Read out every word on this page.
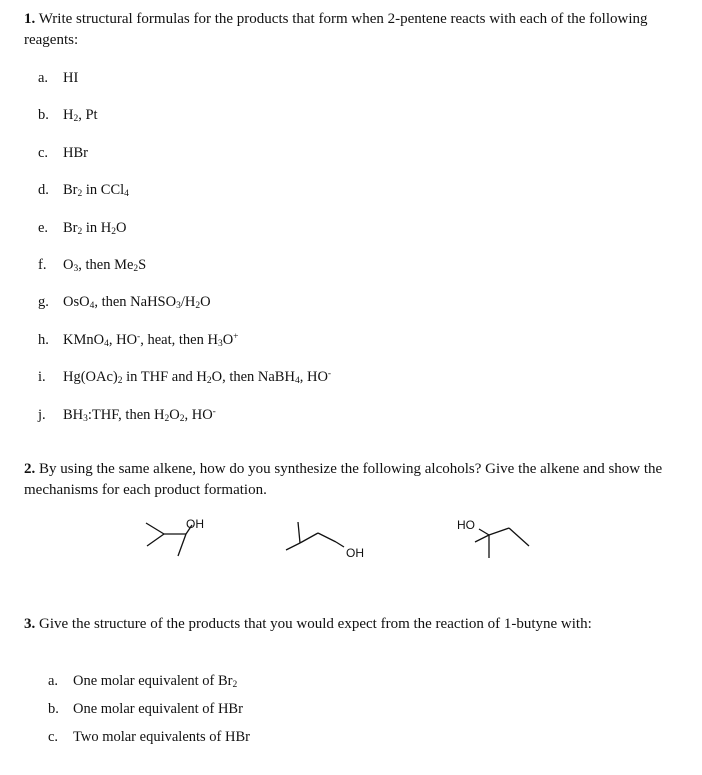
1. Write structural formulas for the products that form when 2-pentene reacts with each of the following reagents:
a. HI
b. $H_2$, Pt
c. HBr
d. $Br_2$ in CCl$_4$
e. $Br_2$ in $H_2O$
f. $O_3$, then $Me_2S$
g. OsO$_4$, then $NaHSO_3/H_2O$
h. KMnO$_4$, HO-, heat, then $H_3O^+$
i. $Hg(OAc)_2$ in THF and $H_2O$, then NaBH$_4$, HO-
j. $BH_3:THF$, then $H_2O_2$, HO-
2. By using the same alkene, how do you synthesize the following alcohols? Give the alkene and show the mechanisms for each product formation.
OH
OH
HO
3. Give the structure of the products that you would expect from the reaction of 1-butyne with:
a. One molar equivalent of $Br_2$
b. One molar equivalent of HBr
c. Two molar equivalents of HBr
